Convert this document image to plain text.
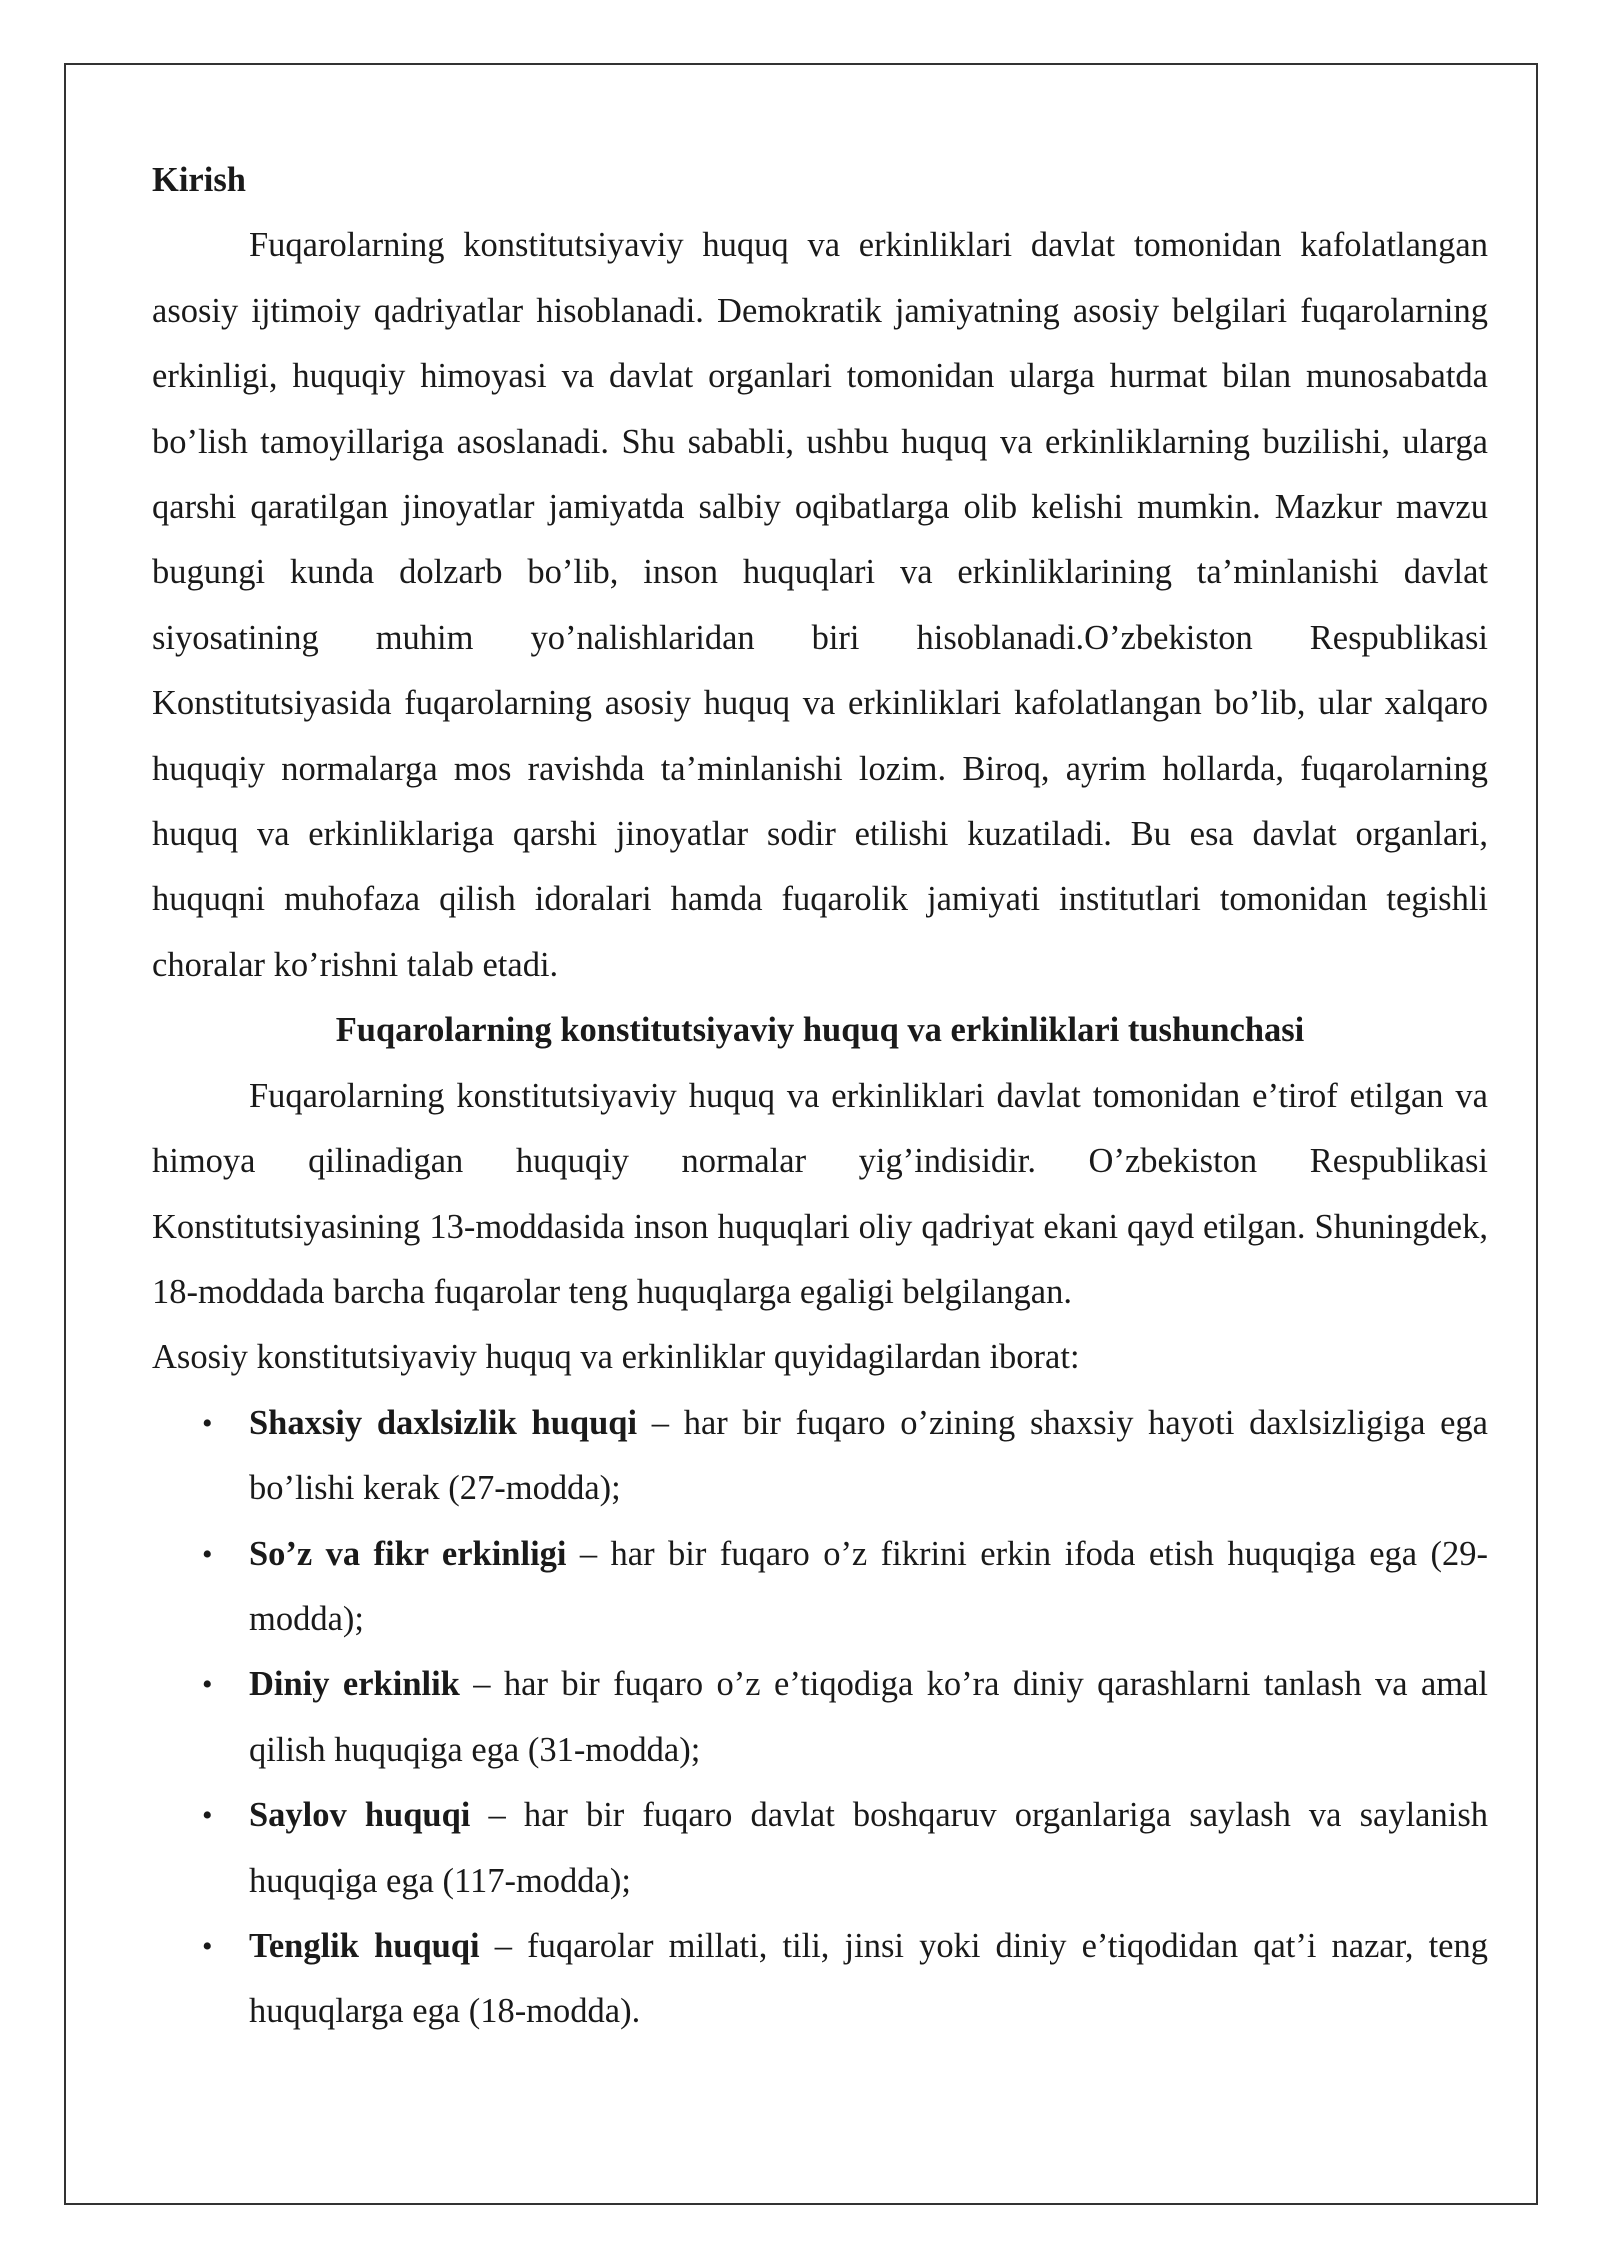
Kirish

Fuqarolarning konstitutsiyaviy huquq va erkinliklari davlat tomonidan kafolatlangan asosiy ijtimoiy qadriyatlar hisoblanadi. Demokratik jamiyatning asosiy belgilari fuqarolarning erkinligi, huquqiy himoyasi va davlat organlari tomonidan ularga hurmat bilan munosabatda bo’lish tamoyillariga asoslanadi. Shu sababli, ushbu huquq va erkinliklarning buzilishi, ularga qarshi qaratilgan jinoyatlar jamiyatda salbiy oqibatlarga olib kelishi mumkin. Mazkur mavzu bugungi kunda dolzarb bo’lib, inson huquqlari va erkinliklarining ta’minlanishi davlat siyosatining muhim yo’nalishlaridan biri hisoblanadi.O’zbekiston Respublikasi Konstitutsiyasida fuqarolarning asosiy huquq va erkinliklari kafolatlangan bo’lib, ular xalqaro huquqiy normalarga mos ravishda ta’minlanishi lozim. Biroq, ayrim hollarda, fuqarolarning huquq va erkinliklariga qarshi jinoyatlar sodir etilishi kuzatiladi. Bu esa davlat organlari, huquqni muhofaza qilish idoralari hamda fuqarolik jamiyati institutlari tomonidan tegishli choralar ko’rishni talab etadi.

Fuqarolarning konstitutsiyaviy huquq va erkinliklari tushunchasi

Fuqarolarning konstitutsiyaviy huquq va erkinliklari davlat tomonidan e’tirof etilgan va himoya qilinadigan huquqiy normalar yig’indisidir. O’zbekiston Respublikasi Konstitutsiyasining 13-moddasida inson huquqlari oliy qadriyat ekani qayd etilgan. Shuningdek, 18-moddada barcha fuqarolar teng huquqlarga egaligi belgilangan.

Asosiy konstitutsiyaviy huquq va erkinliklar quyidagilardan iborat:

• Shaxsiy daxlsizlik huquqi – har bir fuqaro o’zining shaxsiy hayoti daxlsizligiga ega bo’lishi kerak (27-modda);
• So’z va fikr erkinligi – har bir fuqaro o’z fikrini erkin ifoda etish huquqiga ega (29-modda);
• Diniy erkinlik – har bir fuqaro o’z e’tiqodiga ko’ra diniy qarashlarni tanlash va amal qilish huquqiga ega (31-modda);
• Saylov huquqi – har bir fuqaro davlat boshqaruv organlariga saylash va saylanish huquqiga ega (117-modda);
• Tenglik huquqi – fuqarolar millati, tili, jinsi yoki diniy e’tiqodidan qat’i nazar, teng huquqlarga ega (18-modda).
